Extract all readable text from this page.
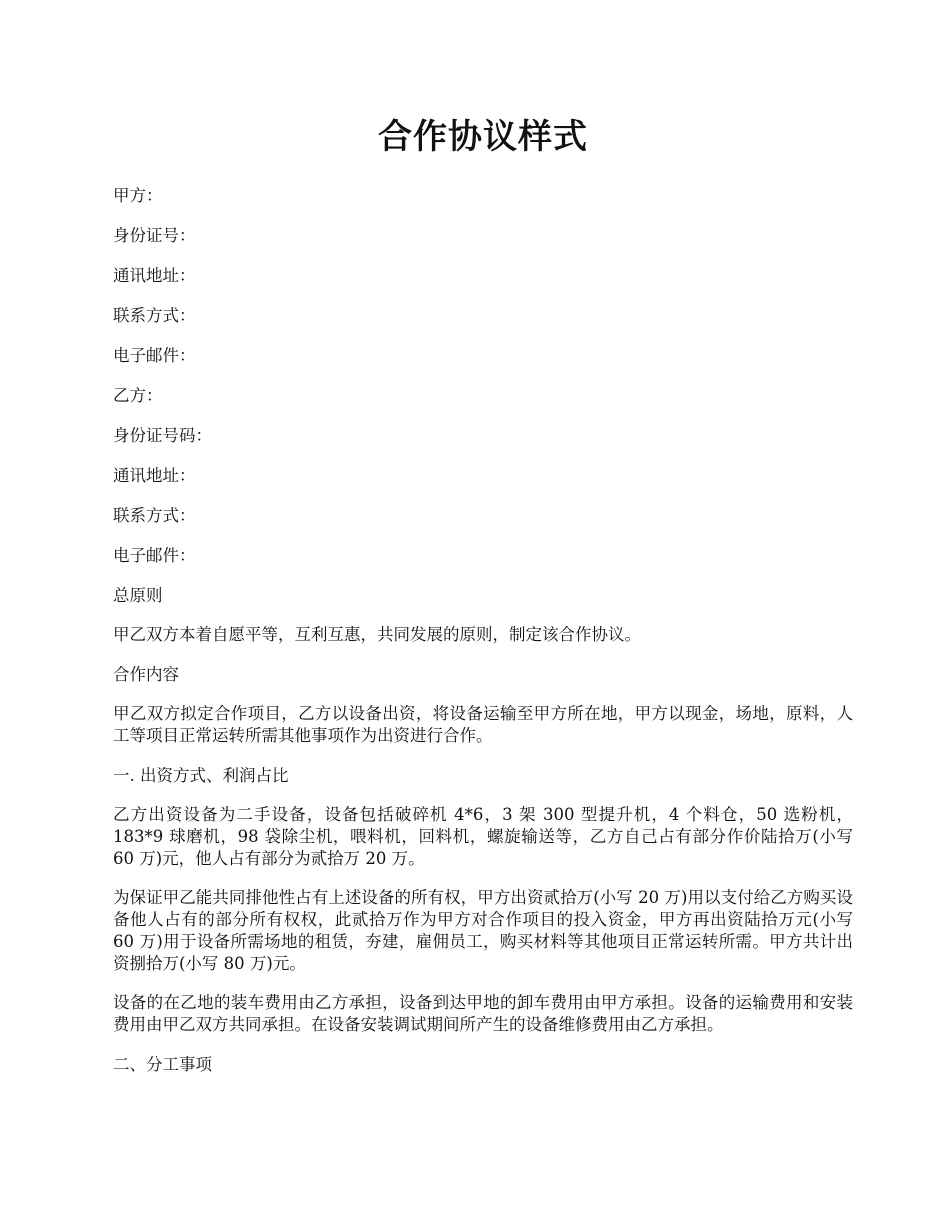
合作协议样式

甲方：

身份证号：

通讯地址：

联系方式：

电子邮件：

乙方：

身份证号码：

通讯地址：

联系方式：

电子邮件：

总原则

甲乙双方本着自愿平等，互利互惠，共同发展的原则，制定该合作协议。

合作内容

甲乙双方拟定合作项目，乙方以设备出资，将设备运输至甲方所在地，甲方以现金，场地，原料，人工等项目正常运转所需其他事项作为出资进行合作。

一. 出资方式、利润占比

乙方出资设备为二手设备，设备包括破碎机 4*6，3 架 300 型提升机，4 个料仓，50 选粉机，183*9 球磨机，98 袋除尘机，喂料机，回料机，螺旋输送等，乙方自己占有部分作价陆拾万(小写 60 万)元，他人占有部分为贰拾万 20 万。

为保证甲乙能共同排他性占有上述设备的所有权，甲方出资贰拾万(小写 20 万)用以支付给乙方购买设备他人占有的部分所有权权，此贰拾万作为甲方对合作项目的投入资金，甲方再出资陆拾万元(小写 60 万)用于设备所需场地的租赁，夯建，雇佣员工，购买材料等其他项目正常运转所需。甲方共计出资捌拾万(小写 80 万)元。

设备的在乙地的装车费用由乙方承担，设备到达甲地的卸车费用由甲方承担。设备的运输费用和安装费用由甲乙双方共同承担。在设备安装调试期间所产生的设备维修费用由乙方承担。

二、分工事项
